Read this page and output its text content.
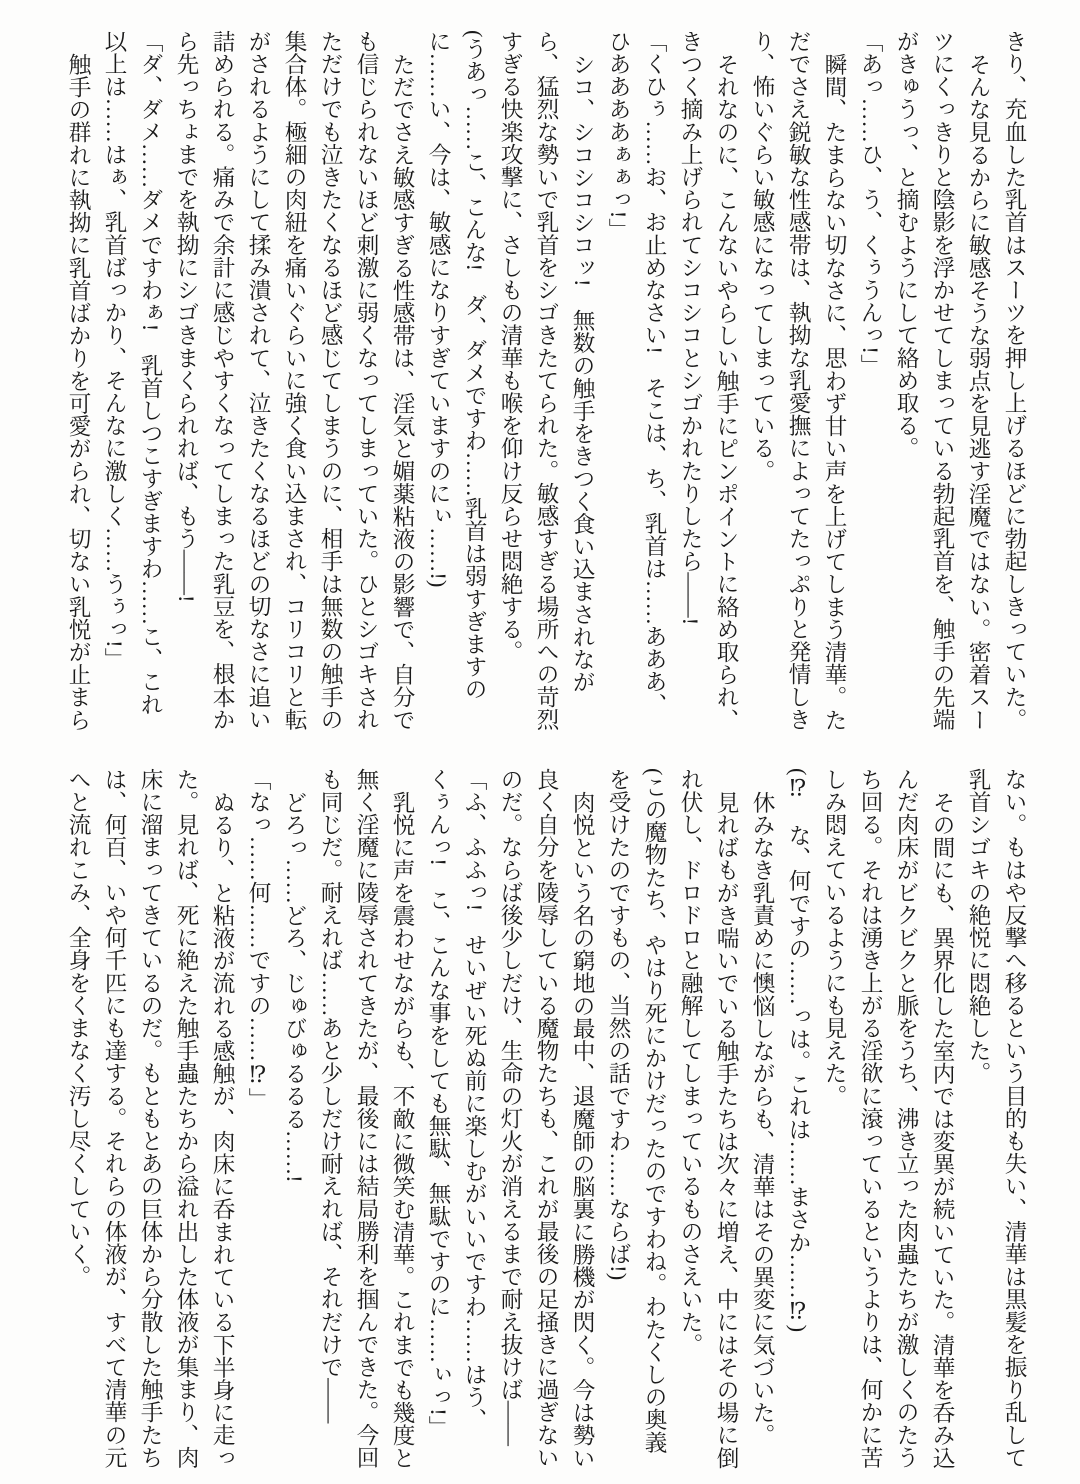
きり、充血した乳首はスーツを押し上げるほどに勃起しきっていた。

そんな見るからに敏感そうな弱点を見逃す淫魔ではない。密着スーツにくっきりと陰影を浮かせてしまっている勃起乳首を、触手の先端がきゅうっ、と摘むようにして絡め取る。

「あっ……ひ、う、くぅうんっ!」

瞬間、たまらない切なさに、思わず甘い声を上げてしまう清華。ただでさえ鋭敏な性感帯は、執拗な乳愛撫によってたっぷりと発情しきり、怖いぐらい敏感になってしまっている。

それなのに、こんないやらしい触手にピンポイントに絡め取られ、きつく摘み上げられてシコシコとシゴかれたりしたら――!

「くひぅ……お、お止めなさい!　そこは、ち、乳首は……あああ、ひああああぁぁっ!」

シコ、シコシコシコッ!　無数の触手をきつく食い込まされながら、猛烈な勢いで乳首をシゴきたてられた。敏感すぎる場所への苛烈すぎる快楽攻撃に、さしもの清華も喉を仰け反らせ悶絶する。

(うあっ……こ、こんな!　ダ、ダメですわ……乳首は弱すぎますのに……い、今は、敏感になりすぎていますのにぃ……!)

ただでさえ敏感すぎる性感帯は、淫気と媚薬粘液の影響で、自分でも信じられないほど刺激に弱くなってしまっていた。ひとシゴキされただけでも泣きたくなるほど感じてしまうのに、相手は無数の触手の集合体。極細の肉紐を痛いぐらいに強く食い込まされ、コリコリと転がされるようにして揉み潰されて、泣きたくなるほどの切なさに追い詰められる。痛みで余計に感じやすくなってしまった乳豆を、根本から先っちょまでを執拗にシゴきまくられれば、もう――!

「ダ、ダメ……ダメですわぁ!　乳首しつこすぎますわ……こ、これ以上は……はぁ、乳首ばっかり、そんなに激しく……うぅっ!」

触手の群れに執拗に乳首ばかりを可愛がられ、切ない乳悦が止まら

ない。もはや反撃へ移るという目的も失い、清華は黒髪を振り乱して乳首シゴキの絶悦に悶絶した。

その間にも、異界化した室内では変異が続いていた。清華を呑み込んだ肉床がビクビクと脈をうち、沸き立った肉蟲たちが激しくのたうち回る。それは湧き上がる淫欲に滾っているというよりは、何かに苦しみ悶えているようにも見えた。

(⁉　な、何ですの……っは。これは……まさか……⁉)

休みなき乳責めに懊悩しながらも、清華はその異変に気づいた。

見ればもがき喘いでいる触手たちは次々に増え、中にはその場に倒れ伏し、ドロドロと融解してしまっているものさえいた。

(この魔物たち、やはり死にかけだったのですわね。わたくしの奥義を受けたのですもの、当然の話ですわ……ならば!)

肉悦という名の窮地の最中、退魔師の脳裏に勝機が閃く。今は勢い良く自分を陵辱している魔物たちも、これが最後の足掻きに過ぎないのだ。ならば後少しだけ、生命の灯火が消えるまで耐え抜けば――

「ふ、ふふっ!　せいぜい死ぬ前に楽しむがいいですわ……はう、くぅんっ!　こ、こんな事をしても無駄、無駄ですのに……ぃっ!」

乳悦に声を震わせながらも、不敵に微笑む清華。これまでも幾度と無く淫魔に陵辱されてきたが、最後には結局勝利を掴んできた。今回も同じだ。耐えれば……あと少しだけ耐えれば、それだけで――

どろっ……どろ、じゅびゅるるる……!

「なっ……何……ですの……⁉」

ぬるり、と粘液が流れる感触が、肉床に呑まれている下半身に走った。見れば、死に絶えた触手蟲たちから溢れ出した体液が集まり、肉床に溜まってきているのだ。もともとあの巨体から分散した触手たちは、何百、いや何千匹にも達する。それらの体液が、すべて清華の元へと流れこみ、全身をくまなく汚し尽くしていく。
